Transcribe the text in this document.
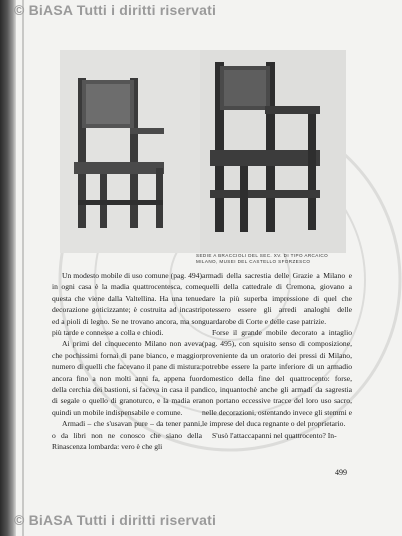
© BiASA Tutti i diritti riservati
SEDIE A BRACCIOLI DEL SEC. XV. DI TIPO ARCAICO
MILANO, MUSEI DEL CASTELLO SFORZESCO

Un modesto mobile di uso comune (pag. 494) in ogni casa è la madia quattrocentesca, come questa che viene dalla Valtellina. Ha una tenue decorazione goticizzante; è costruita ad incastri ed a pioli di legno. Se ne trovano ancora, ma son più tarde e connesse a colla e chiodi.

Ai primi del cinquecento Milano non aveva che pochissimi fornai di pane bianco, e maggior numero di quelli che facevano il pane di mistura: ancora fino a non molti anni fa, appena fuor della cerchia dei bastioni, si faceva in casa il pan di segale o quello di granoturco, e la madia era quindi un mobile indispensabile e comune.

Armadi – che s'usavan pure – da tener panni, o da libri non ne conosco che siano della Rinascenza lombarda: vero è che gli

armadi della sacrestia delle Grazie a Milano e quelli della cattedrale di Cremona, giovano a dare la più superba impressione di quel che potessero essere gli arredi analoghi delle guardarobe di Corte e delle case patrizie.

Forse il grande mobile decorato a intaglio (pag. 495), con squisito senso di composizione, proveniente da un oratorio dei pressi di Milano, potrebbe essere la parte inferiore di un armadio domestico della fine del quattrocento: forse, dico, inquantochè anche gli armadi da sagrestia non portano eccessive tracce del loro uso sacro, nelle decorazioni, ostentando invece gli stemmi e le imprese del duca regnante o del proprietario.

S'usò l'attaccapanni nel quattrocento? In-

499
© BiASA Tutti i diritti riservati
